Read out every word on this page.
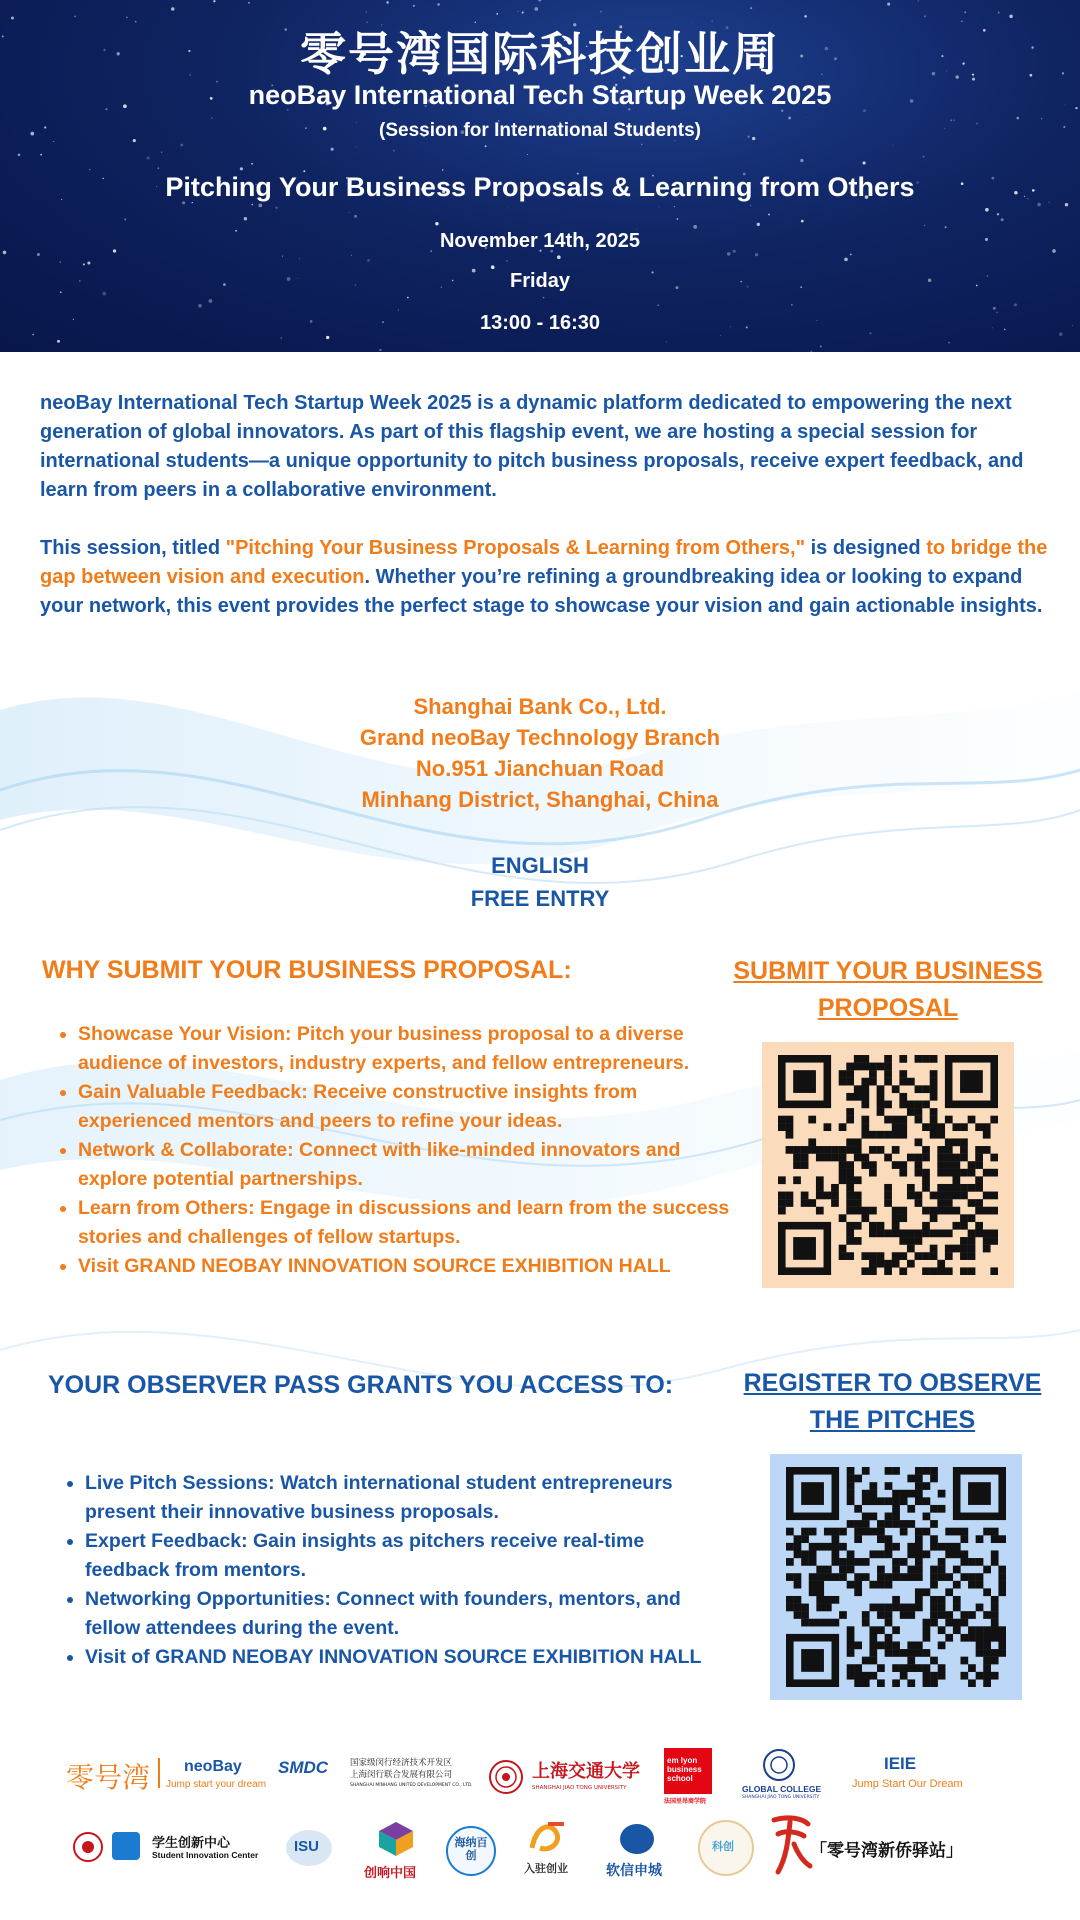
零号湾国际科技创业周
neoBay International Tech Startup Week 2025
(Session for International Students)
Pitching Your Business Proposals & Learning from Others
November 14th, 2025
Friday
13:00 - 16:30

neoBay International Tech Startup Week 2025 is a dynamic platform dedicated to empowering the next generation of global innovators. As part of this flagship event, we are hosting a special session for international students—a unique opportunity to pitch business proposals, receive expert feedback, and learn from peers in a collaborative environment.

This session, titled "Pitching Your Business Proposals & Learning from Others," is designed to bridge the gap between vision and execution. Whether you’re refining a groundbreaking idea or looking to expand your network, this event provides the perfect stage to showcase your vision and gain actionable insights.

Shanghai Bank Co., Ltd.
Grand neoBay Technology Branch
No.951 Jianchuan Road
Minhang District, Shanghai, China
ENGLISH
FREE ENTRY
WHY SUBMIT YOUR BUSINESS PROPOSAL:
• Showcase Your Vision: Pitch your business proposal to a diverse audience of investors, industry experts, and fellow entrepreneurs.
• Gain Valuable Feedback: Receive constructive insights from experienced mentors and peers to refine your ideas.
• Network & Collaborate: Connect with like-minded innovators and explore potential partnerships.
• Learn from Others: Engage in discussions and learn from the success stories and challenges of fellow startups.
• Visit GRAND NEOBAY INNOVATION SOURCE EXHIBITION HALL
SUBMIT YOUR BUSINESS PROPOSAL
YOUR OBSERVER PASS GRANTS YOU ACCESS TO:
• Live Pitch Sessions: Watch international student entrepreneurs present their innovative business proposals.
• Expert Feedback: Gain insights as pitchers receive real-time feedback from mentors.
• Networking Opportunities: Connect with founders, mentors, and fellow attendees during the event.
• Visit of GRAND NEOBAY INNOVATION SOURCE EXHIBITION HALL
REGISTER TO OBSERVE THE PITCHES
零号湾 neoBay
Jump start your dream
SMDC	国家级闵行经济技术开发区
上海闵行联合发展有限公司
SHANGHAI MINHANG UNITED DEVELOPMENT CO., LTD.
上海交通大学
SHANGHAI JIAO TONG UNIVERSITY
em lyon business school
法国里昂商学院
GLOBAL COLLEGE
SHANGHAI JIAO TONG UNIVERSITY
IEIE
Jump Start Our Dream
学生创新中心
Student Innovation Center ISU
创响中国
海纳百创
入驻创业	软信申城
科创	「零号湾新侨驿站」
